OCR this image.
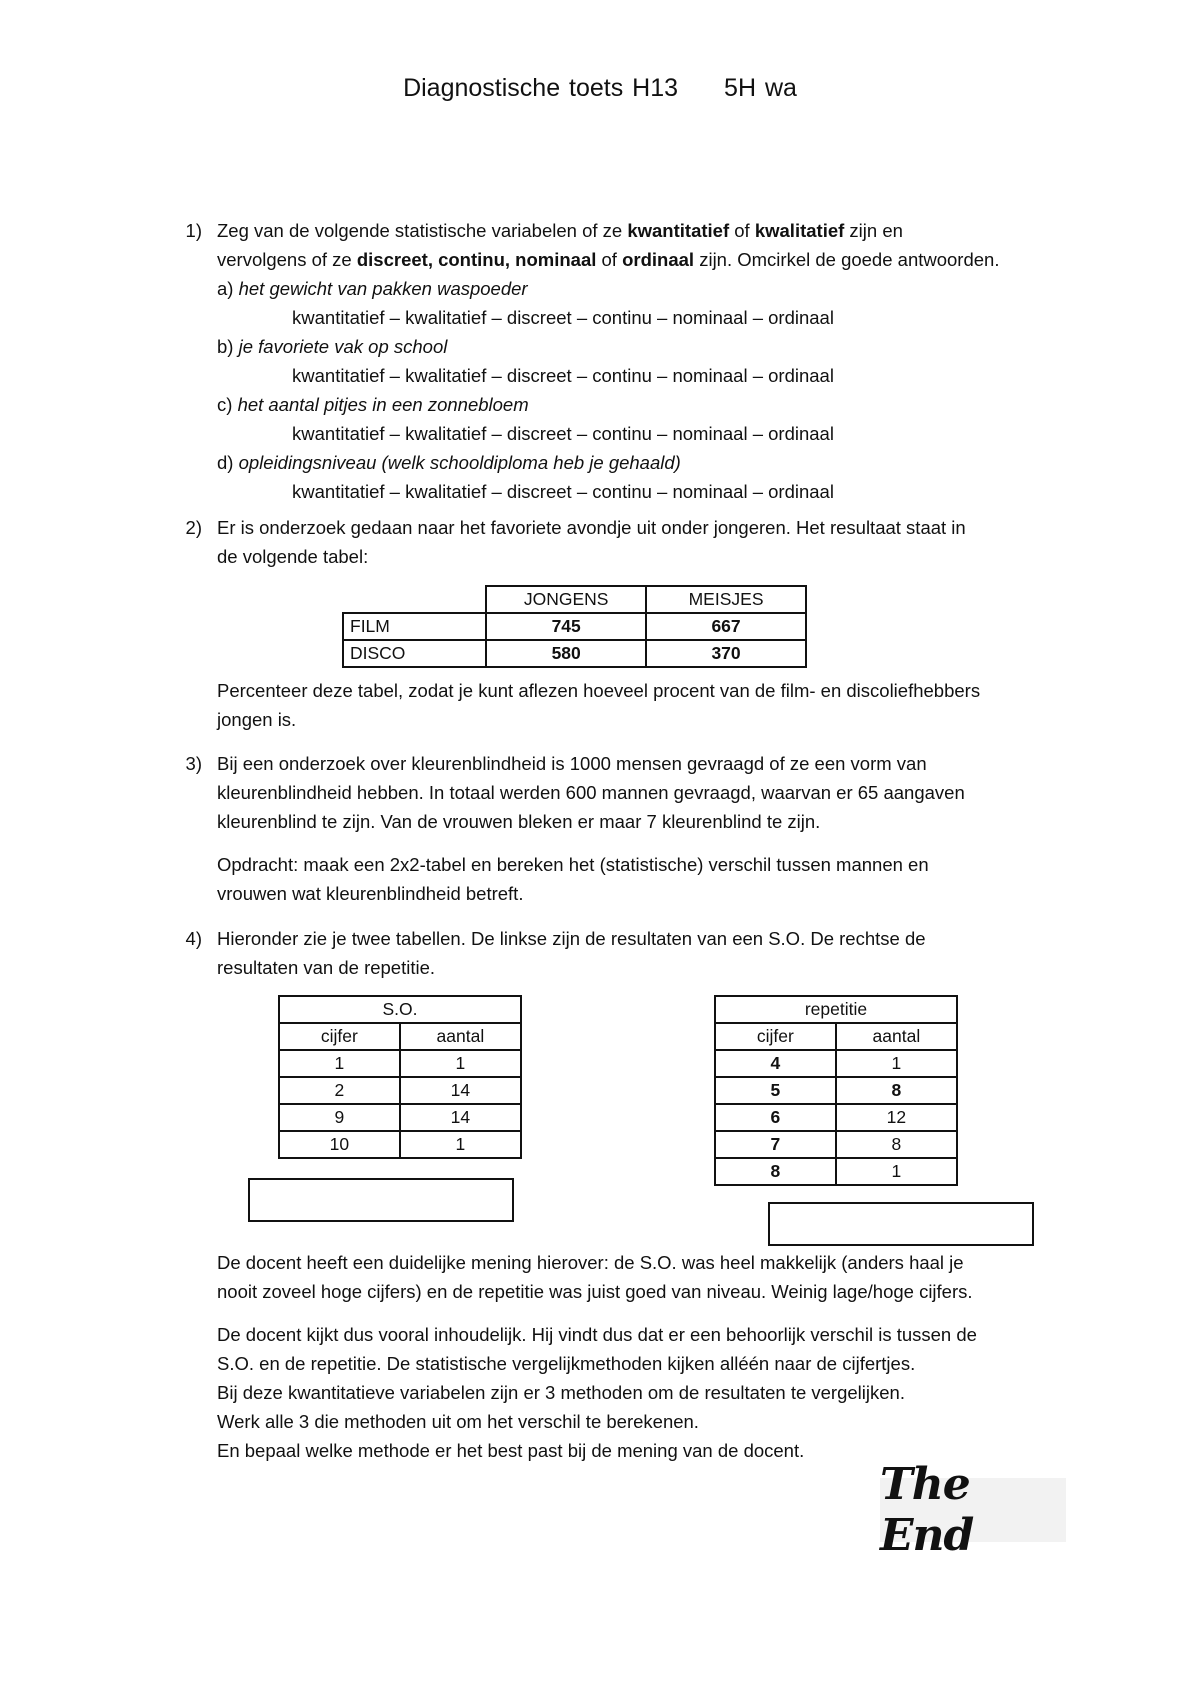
Diagnostische toets H13 5H wa
1) Zeg van de volgende statistische variabelen of ze kwantitatief of kwalitatief zijn en
vervolgens of ze discreet, continu, nominaal of ordinaal zijn. Omcirkel de goede antwoorden.
a) het gewicht van pakken waspoeder
kwantitatief – kwalitatief – discreet – continu – nominaal – ordinaal
b) je favoriete vak op school
kwantitatief – kwalitatief – discreet – continu – nominaal – ordinaal
c) het aantal pitjes in een zonnebloem
kwantitatief – kwalitatief – discreet – continu – nominaal – ordinaal
d) opleidingsniveau (welk schooldiploma heb je gehaald)
kwantitatief – kwalitatief – discreet – continu – nominaal – ordinaal
2) Er is onderzoek gedaan naar het favoriete avondje uit onder jongeren. Het resultaat staat in
de volgende tabel:
	JONGENS	MEISJES
FILM	745	667
DISCO	580	370
Percenteer deze tabel, zodat je kunt aflezen hoeveel procent van de film- en discoliefhebbers
jongen is.
3) Bij een onderzoek over kleurenblindheid is 1000 mensen gevraagd of ze een vorm van
kleurenblindheid hebben. In totaal werden 600 mannen gevraagd, waarvan er 65 aangaven
kleurenblind te zijn. Van de vrouwen bleken er maar 7 kleurenblind te zijn.
Opdracht: maak een 2x2-tabel en bereken het (statistische) verschil tussen mannen en
vrouwen wat kleurenblindheid betreft.
4) Hieronder zie je twee tabellen. De linkse zijn de resultaten van een S.O. De rechtse de
resultaten van de repetitie.
S.O.	
cijfer	aantal
1	1
2	14
9	14
10	1
repetitie	
cijfer	aantal
4	1
5	8
6	12
7	8
8	1
De docent heeft een duidelijke mening hierover: de S.O. was heel makkelijk (anders haal je
nooit zoveel hoge cijfers) en de repetitie was juist goed van niveau. Weinig lage/hoge cijfers.
De docent kijkt dus vooral inhoudelijk. Hij vindt dus dat er een behoorlijk verschil is tussen de
S.O. en de repetitie. De statistische vergelijkmethoden kijken alléén naar de cijfertjes.
Bij deze kwantitatieve variabelen zijn er 3 methoden om de resultaten te vergelijken.
Werk alle 3 die methoden uit om het verschil te berekenen.
En bepaal welke methode er het best past bij de mening van de docent.
The End
